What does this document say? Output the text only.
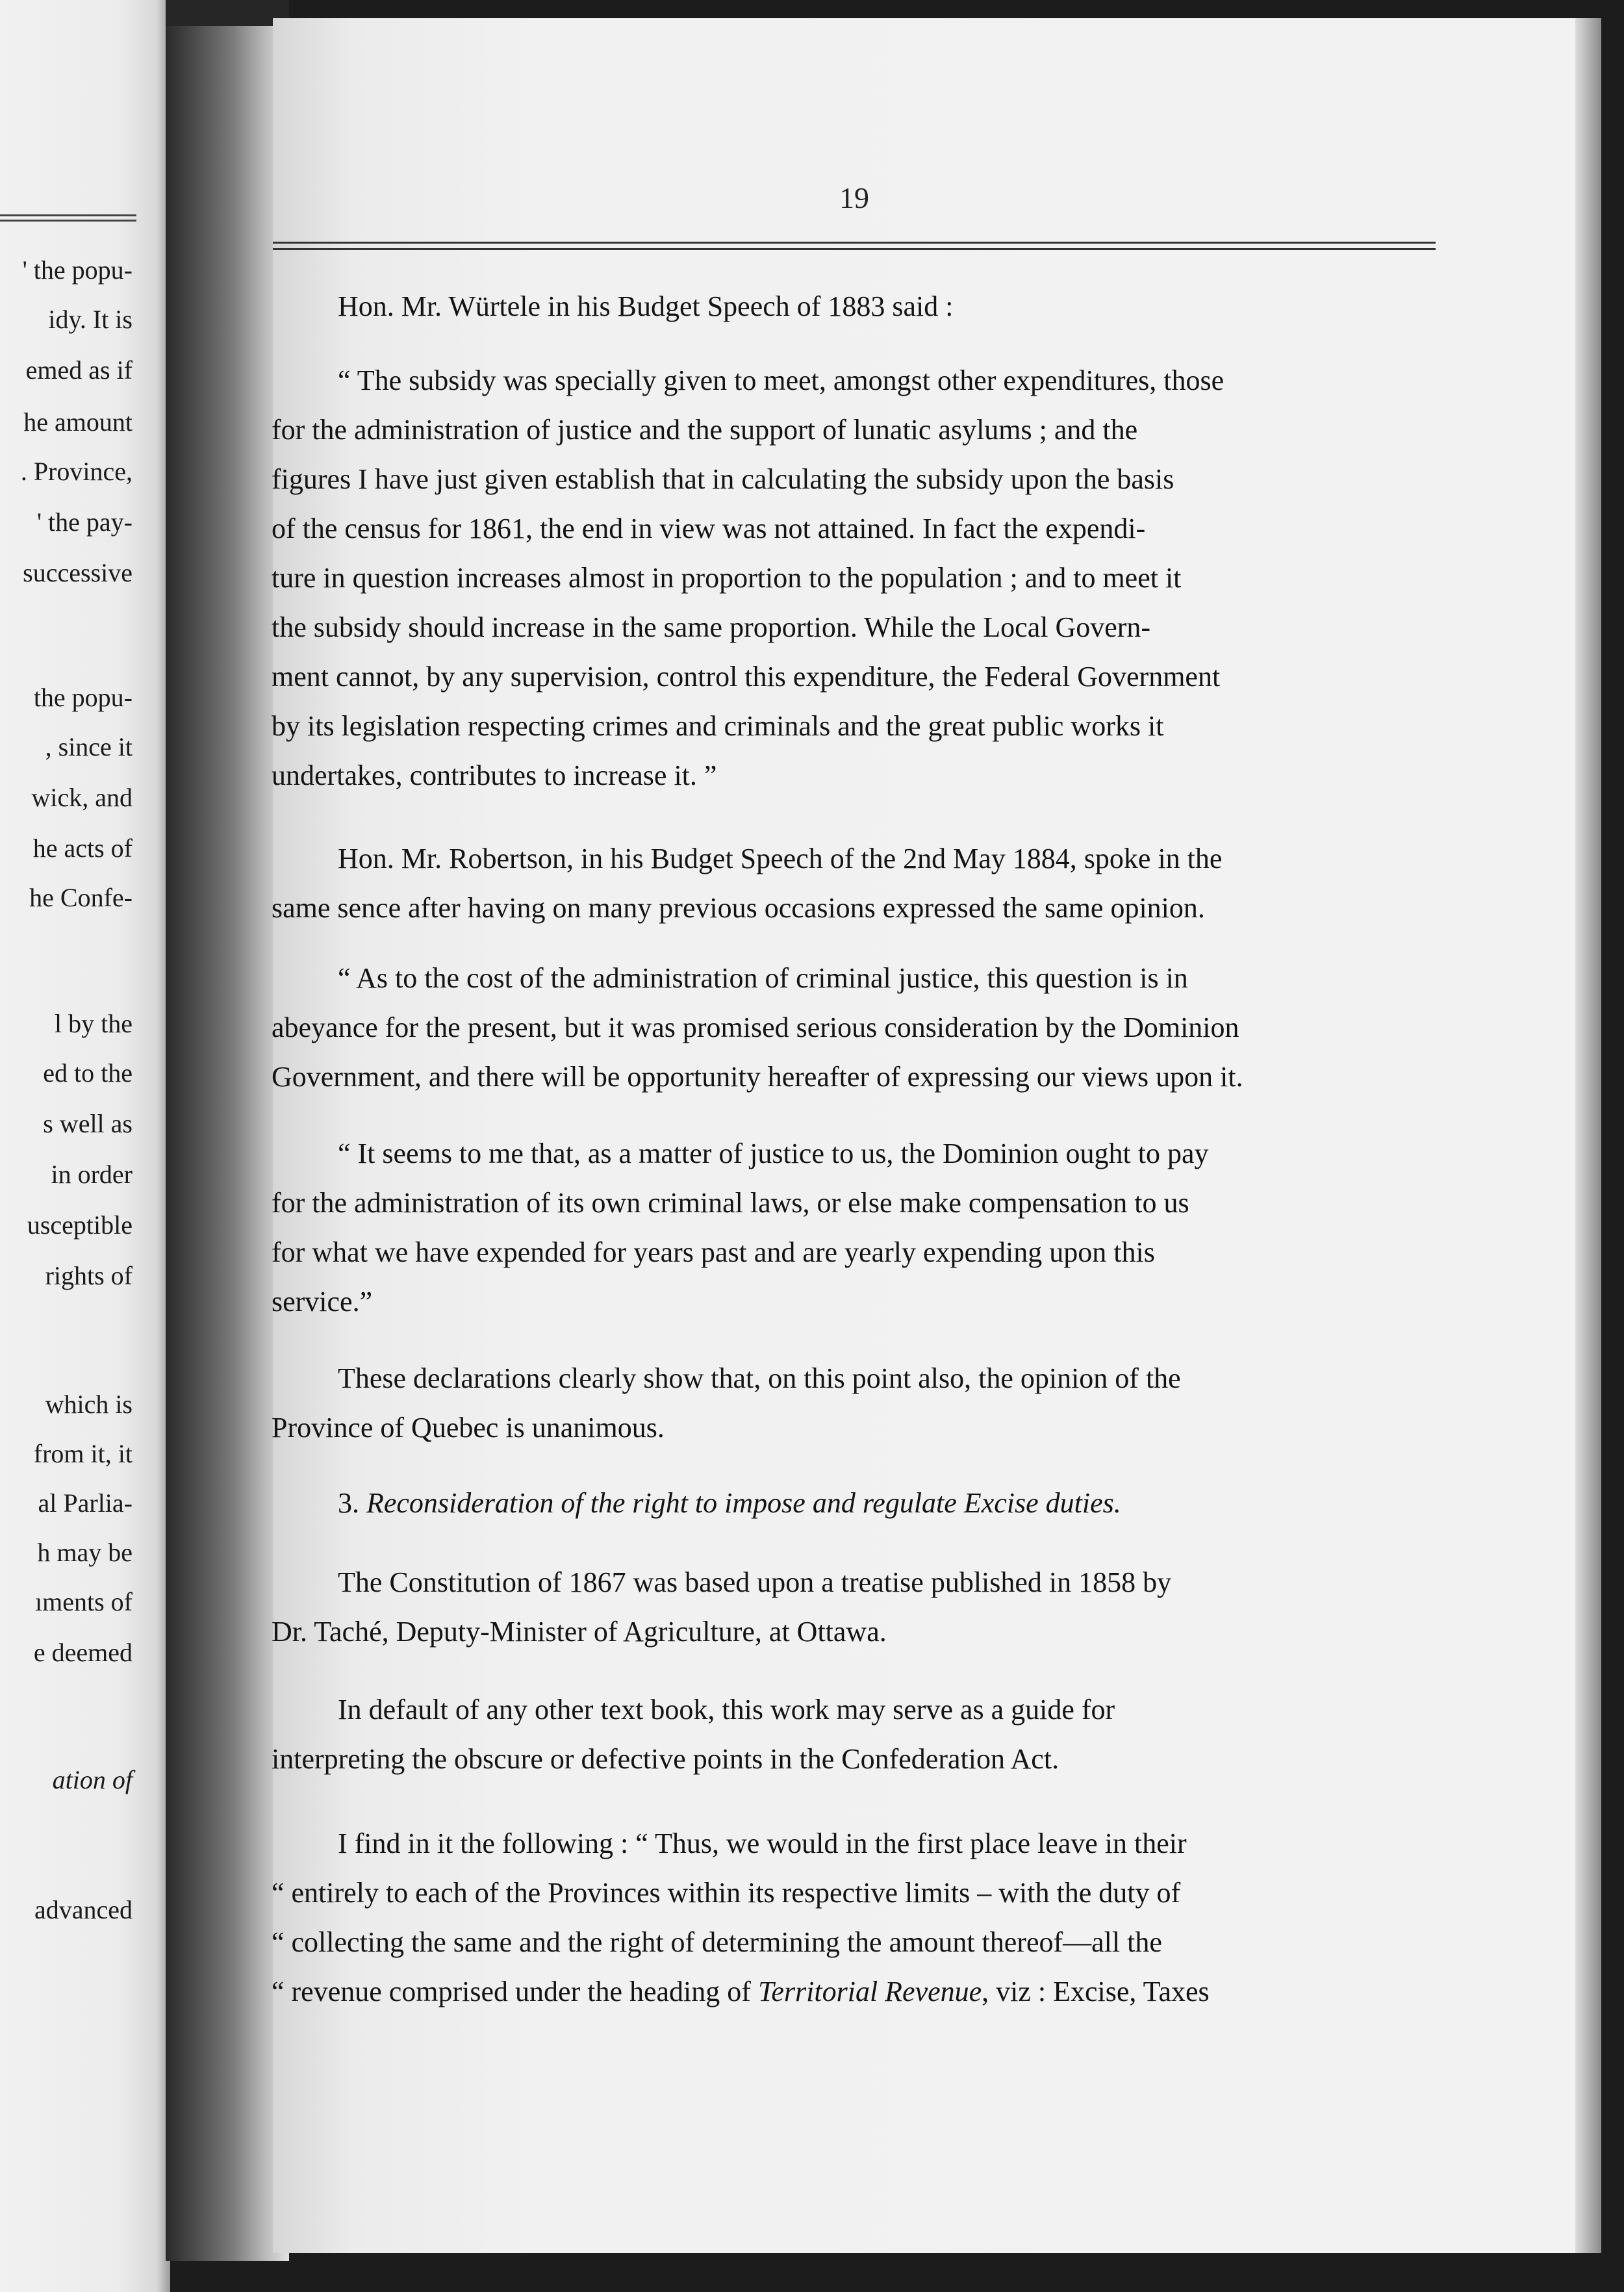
' the popu-
idy. It is
emed as if
he amount
. Province,
' the pay-
successive
the popu-
, since it
wick, and
he acts of
he Confe-
l by the
ed to the
s well as
in order
usceptible
rights of
which is
from it, it
al Parlia-
h may be
ıments of
e deemed
ation of
advanced
19
Hon. Mr. Würtele in his Budget Speech of 1883 said :
“ The subsidy was specially given to meet, amongst other expenditures, those
for the administration of justice and the support of lunatic asylums ; and the
figures I have just given establish that in calculating the subsidy upon the basis
of the census for 1861, the end in view was not attained. In fact the expendi-
ture in question increases almost in proportion to the population ; and to meet it
the subsidy should increase in the same proportion. While the Local Govern-
ment cannot, by any supervision, control this expenditure, the Federal Government
by its legislation respecting crimes and criminals and the great public works it
undertakes, contributes to increase it. ”
Hon. Mr. Robertson, in his Budget Speech of the 2nd May 1884, spoke in the
same sence after having on many previous occasions expressed the same opinion.
“ As to the cost of the administration of criminal justice, this question is in
abeyance for the present, but it was promised serious consideration by the Dominion
Government, and there will be opportunity hereafter of expressing our views upon it.
“ It seems to me that, as a matter of justice to us, the Dominion ought to pay
for the administration of its own criminal laws, or else make compensation to us
for what we have expended for years past and are yearly expending upon this
service.”
These declarations clearly show that, on this point also, the opinion of the
Province of Quebec is unanimous.
3. Reconsideration of the right to impose and regulate Excise duties.
The Constitution of 1867 was based upon a treatise published in 1858 by
Dr. Taché, Deputy-Minister of Agriculture, at Ottawa.
In default of any other text book, this work may serve as a guide for
interpreting the obscure or defective points in the Confederation Act.
I find in it the following : “ Thus, we would in the first place leave in their
“ entirely to each of the Provinces within its respective limits – with the duty of
“ collecting the same and the right of determining the amount thereof—all the
“ revenue comprised under the heading of Territorial Revenue, viz : Excise, Taxes
